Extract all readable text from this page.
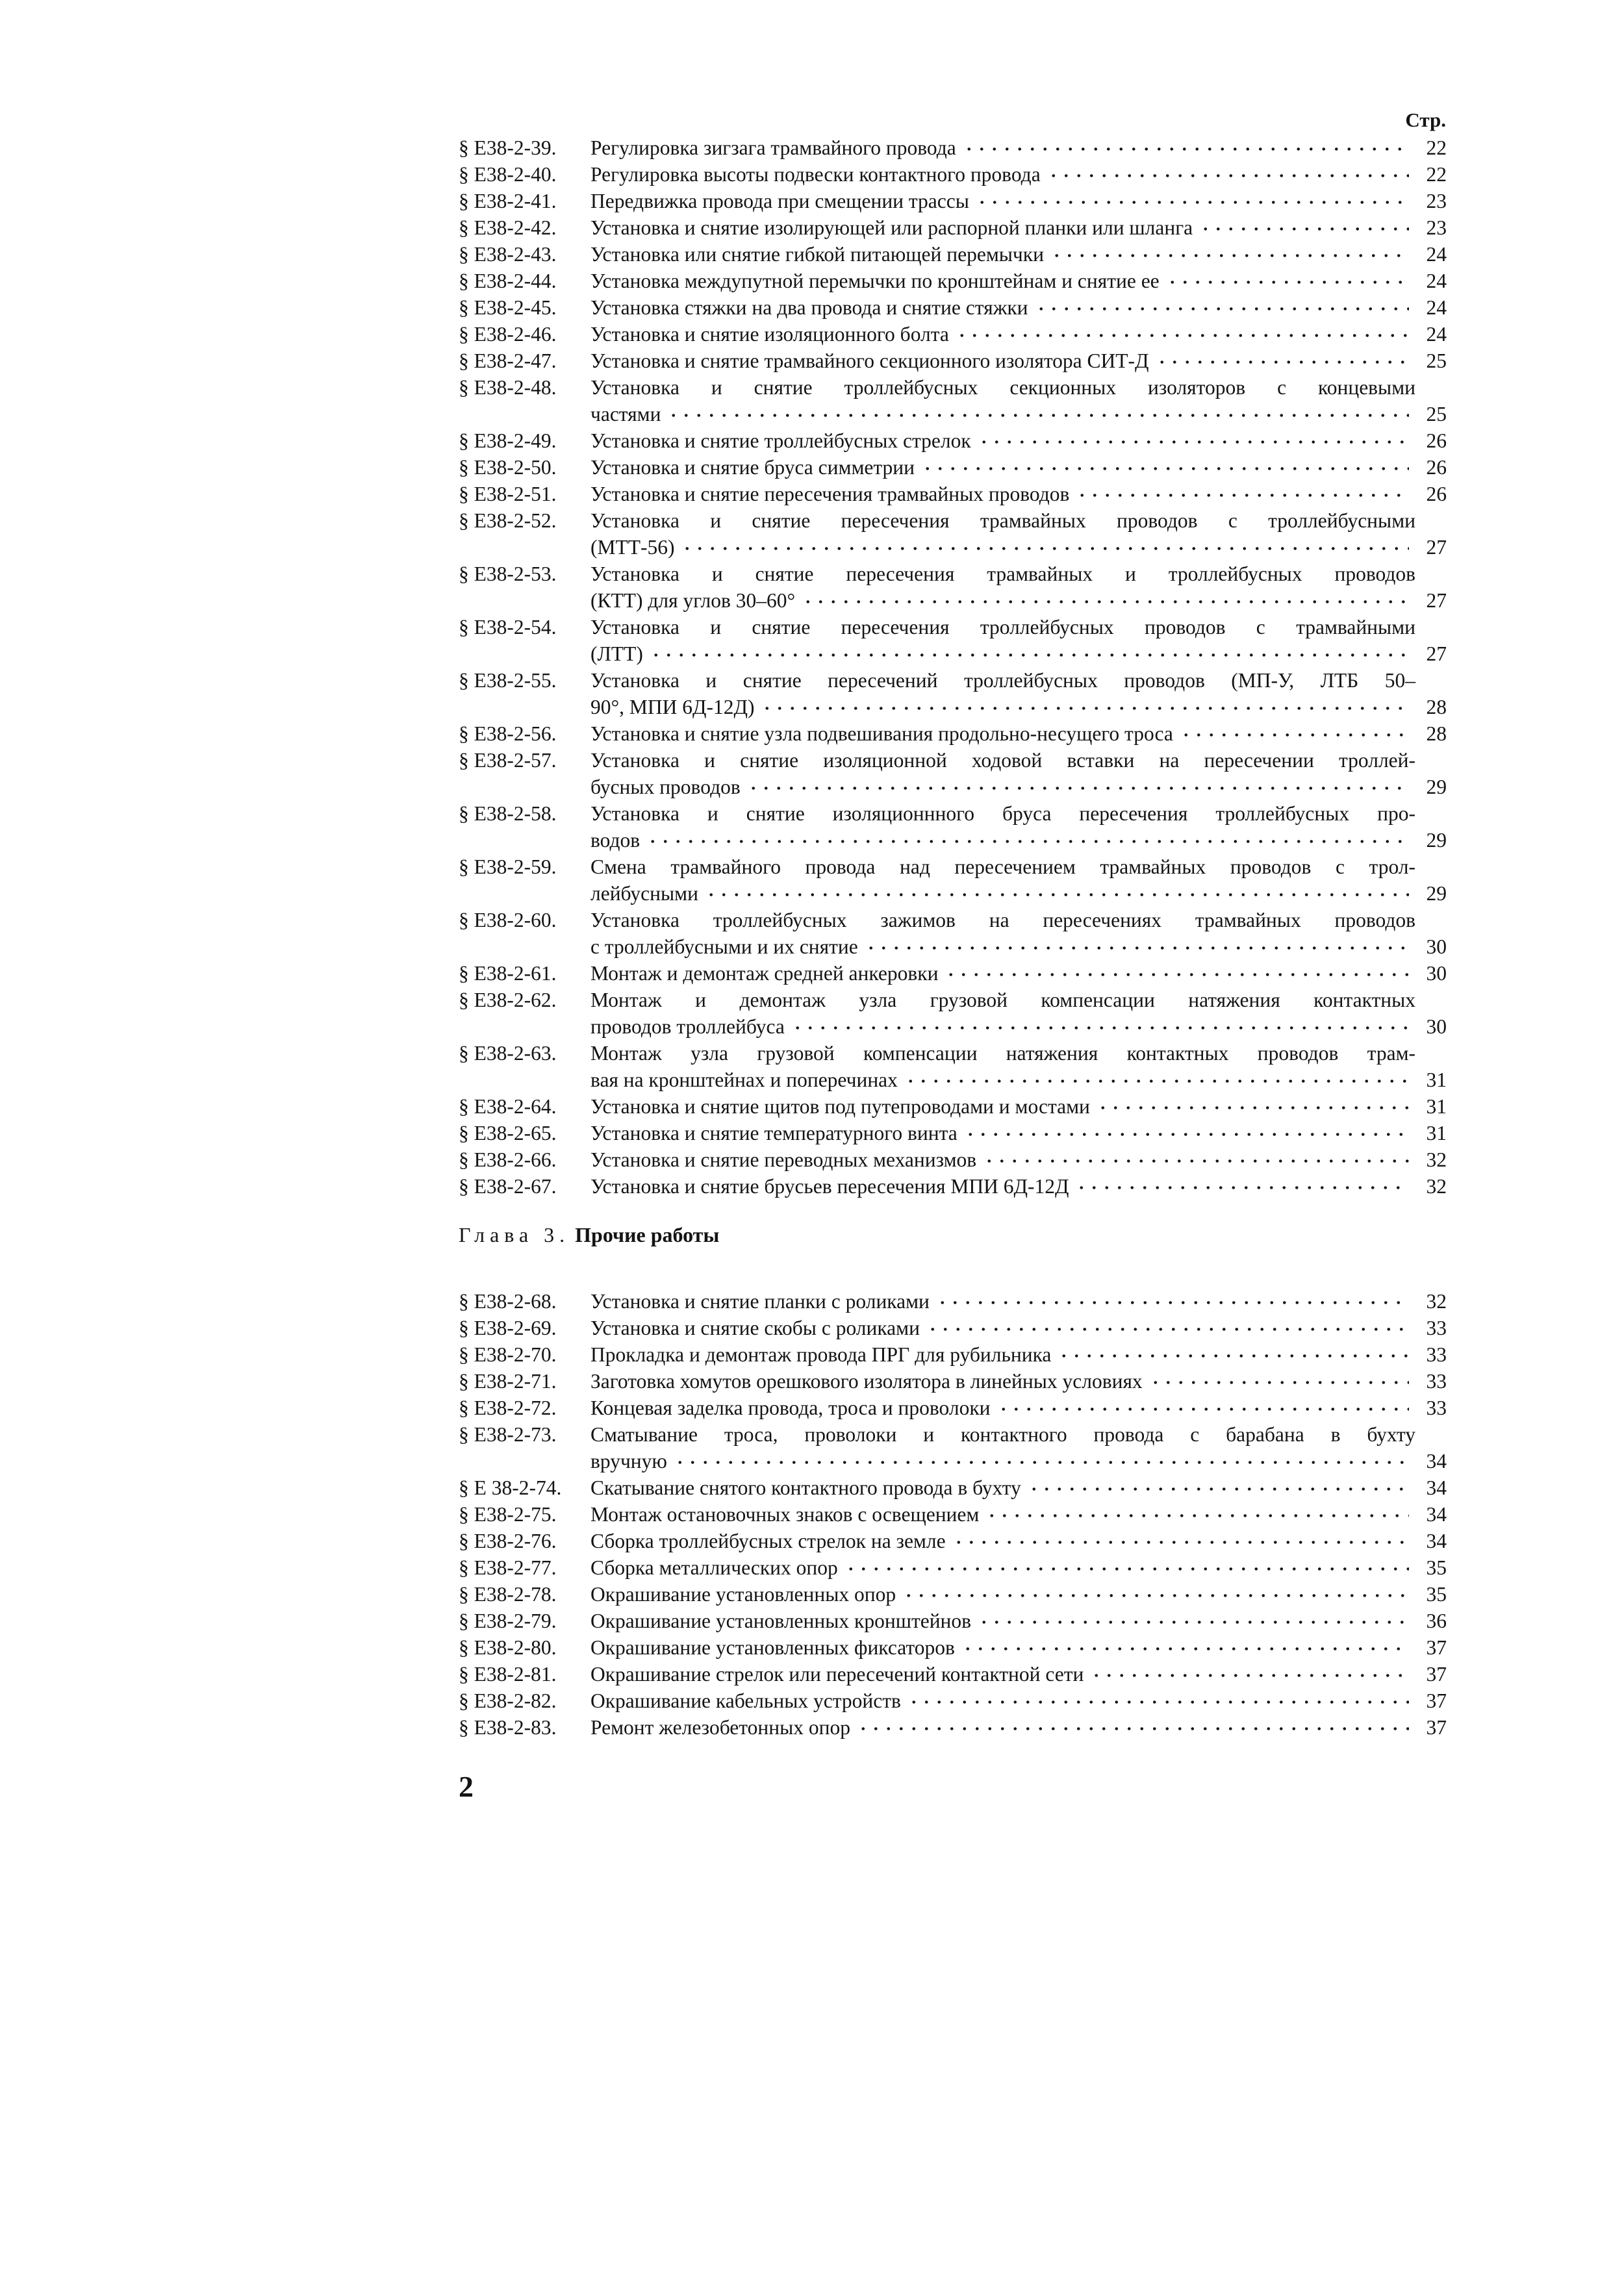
Стр.
§ Е38-2-39. Регулировка зигзага трамвайного провода	22
§ Е38-2-40. Регулировка высоты подвески контактного провода	22
§ Е38-2-41. Передвижка провода при смещении трассы	23
§ Е38-2-42. Установка и снятие изолирующей или распорной планки или шланга	23
§ Е38-2-43. Установка или снятие гибкой питающей перемычки	24
§ Е38-2-44. Установка междупутной перемычки по кронштейнам и снятие ее	24
§ Е38-2-45. Установка стяжки на два провода и снятие стяжки	24
§ Е38-2-46. Установка и снятие изоляционного болта	24
§ Е38-2-47. Установка и снятие трамвайного секционного изолятора СИТ-Д	25
§ Е38-2-48. Установка и снятие троллейбусных секционных изоляторов с концевыми
частями	25
§ Е38-2-49. Установка и снятие троллейбусных стрелок	26
§ Е38-2-50. Установка и снятие бруса симметрии	26
§ Е38-2-51. Установка и снятие пересечения трамвайных проводов	26
§ Е38-2-52. Установка и снятие пересечения трамвайных проводов с троллейбусными
(МТТ-56)	27
§ Е38-2-53. Установка и снятие пересечения трамвайных и троллейбусных проводов
(КТТ) для углов 30–60°	27
§ Е38-2-54. Установка и снятие пересечения троллейбусных проводов с трамвайными
(ЛТТ)	27
§ Е38-2-55. Установка и снятие пересечений троллейбусных проводов (МП-У, ЛТБ 50–
90°, МПИ 6Д-12Д)	28
§ Е38-2-56. Установка и снятие узла подвешивания продольно-несущего троса	28
§ Е38-2-57. Установка и снятие изоляционной ходовой вставки на пересечении троллей-
бусных проводов	29
§ Е38-2-58. Установка и снятие изоляционнного бруса пересечения троллейбусных про-
водов	29
§ Е38-2-59. Смена трамвайного провода над пересечением трамвайных проводов с трол-
лейбусными	29
§ Е38-2-60. Установка троллейбусных зажимов на пересечениях трамвайных проводов
с троллейбусными и их снятие	30
§ Е38-2-61. Монтаж и демонтаж средней анкеровки	30
§ Е38-2-62. Монтаж и демонтаж узла грузовой компенсации натяжения контактных
проводов троллейбуса	30
§ Е38-2-63. Монтаж узла грузовой компенсации натяжения контактных проводов трам-
вая на кронштейнах и поперечинах	31
§ Е38-2-64. Установка и снятие щитов под путепроводами и мостами	31
§ Е38-2-65. Установка и снятие температурного винта	31
§ Е38-2-66. Установка и снятие переводных механизмов	32
§ Е38-2-67. Установка и снятие брусьев пересечения МПИ 6Д-12Д	32
Глава 3. Прочие работы
§ Е38-2-68. Установка и снятие планки с роликами	32
§ Е38-2-69. Установка и снятие скобы с роликами	33
§ Е38-2-70. Прокладка и демонтаж провода ПРГ для рубильника	33
§ Е38-2-71. Заготовка хомутов орешкового изолятора в линейных условиях	33
§ Е38-2-72. Концевая заделка провода, троса и проволоки	33
§ Е38-2-73. Сматывание троса, проволоки и контактного провода с барабана в бухту
вручную	34
§ Е 38-2-74. Скатывание снятого контактного провода в бухту	34
§ Е38-2-75. Монтаж остановочных знаков с освещением	34
§ Е38-2-76. Сборка троллейбусных стрелок на земле	34
§ Е38-2-77. Сборка металлических опор	35
§ Е38-2-78. Окрашивание установленных опор	35
§ Е38-2-79. Окрашивание установленных кронштейнов	36
§ Е38-2-80. Окрашивание установленных фиксаторов	37
§ Е38-2-81. Окрашивание стрелок или пересечений контактной сети	37
§ Е38-2-82. Окрашивание кабельных устройств	37
§ Е38-2-83. Ремонт железобетонных опор	37
2
